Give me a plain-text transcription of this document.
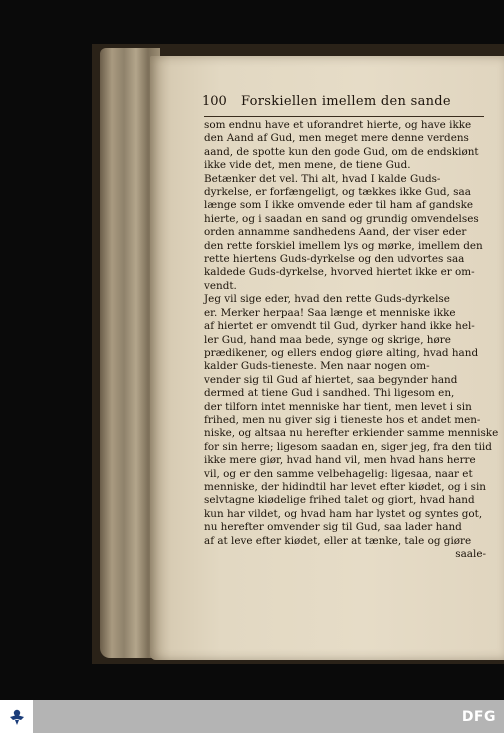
100 Forskiellen imellem den sande
som endnu have et uforandret hierte, og have ikke
den Aand af Gud, men meget mere denne verdens
aand, de spotte kun den gode Gud, om de endskiønt
ikke vide det, men mene, de tiene Gud.
Betænker det vel. Thi alt, hvad I kalde Guds-
dyrkelse, er forfængeligt, og tækkes ikke Gud, saa
længe som I ikke omvende eder til ham af gandske
hierte, og i saadan en sand og grundig omvendelses
orden annamme sandhedens Aand, der viser eder
den rette forskiel imellem lys og mørke, imellem den
rette hiertens Guds-dyrkelse og den udvortes saa
kaldede Guds-dyrkelse, hvorved hiertet ikke er om-
vendt.
Jeg vil sige eder, hvad den rette Guds-dyrkelse
er. Merker herpaa! Saa længe et menniske ikke
af hiertet er omvendt til Gud, dyrker hand ikke hel-
ler Gud, hand maa bede, synge og skrige, høre
prædikener, og ellers endog giøre alting, hvad hand
kalder Guds-tieneste. Men naar nogen om-
vender sig til Gud af hiertet, saa begynder hand
dermed at tiene Gud i sandhed. Thi ligesom en,
der tilforn intet menniske har tient, men levet i sin
frihed, men nu giver sig i tieneste hos et andet men-
niske, og altsaa nu herefter erkiender samme menniske
for sin herre; ligesom saadan en, siger jeg, fra den tiid
ikke mere giør, hvad hand vil, men hvad hans herre
vil, og er den samme velbehagelig: ligesaa, naar et
menniske, der hidindtil har levet efter kiødet, og i sin
selvtagne kiødelige frihed talet og giort, hvad hand
kun har vildet, og hvad ham har lystet og syntes got,
nu herefter omvender sig til Gud, saa lader hand
af at leve efter kiødet, eller at tænke, tale og giøre
saale-
DFG
